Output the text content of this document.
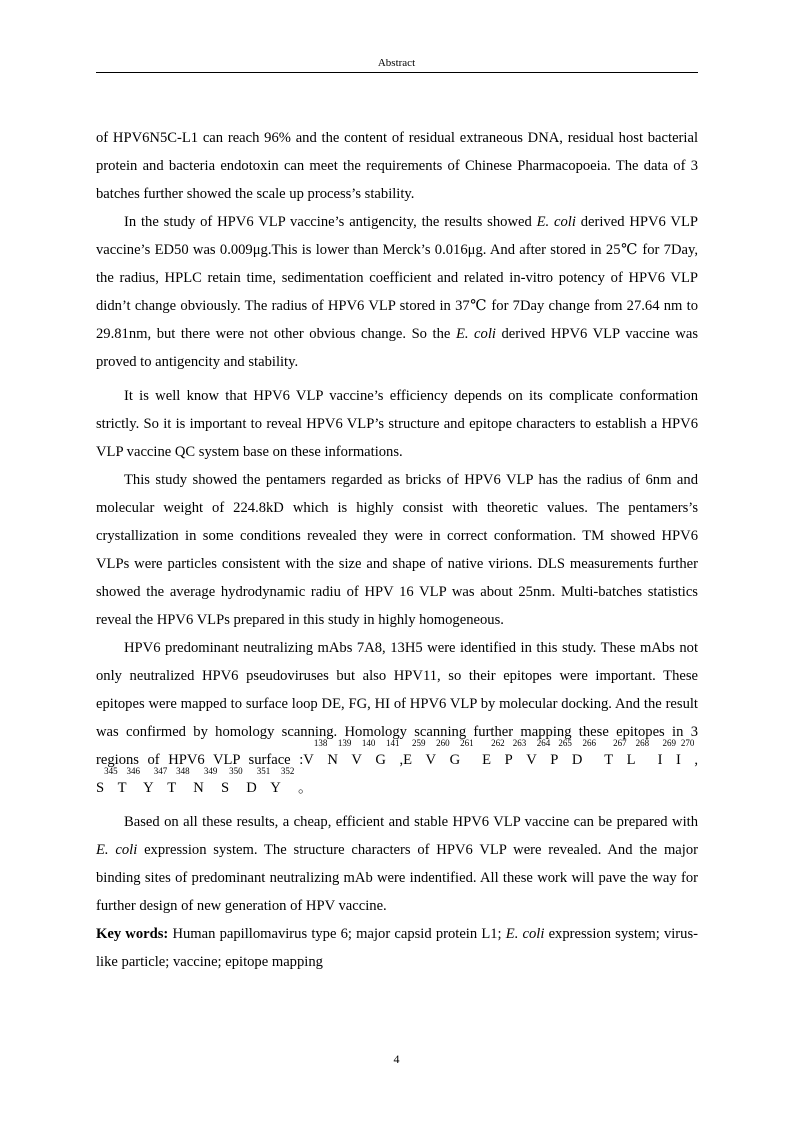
Abstract

of HPV6N5C-L1 can reach 96% and the content of residual extraneous DNA, residual host bacterial protein and bacteria endotoxin can meet the requirements of Chinese Pharmacopoeia. The data of 3 batches further showed the scale up process’s stability.

In the study of HPV6 VLP vaccine’s antigencity, the results showed E. coli derived HPV6 VLP vaccine’s ED50 was 0.009μg.This is lower than Merck’s 0.016μg. And after stored in 25℃ for 7Day, the radius, HPLC retain time, sedimentation coefficient and related in-vitro potency of HPV6 VLP didn’t change obviously. The radius of HPV6 VLP stored in 37℃ for 7Day change from 27.64 nm to 29.81nm, but there were not other obvious change. So the E. coli derived HPV6 VLP vaccine was proved to antigencity and stability.

It is well know that HPV6 VLP vaccine’s efficiency depends on its complicate conformation strictly. So it is important to reveal HPV6 VLP’s structure and epitope characters to establish a HPV6 VLP vaccine QC system base on these informations.

This study showed the pentamers regarded as bricks of HPV6 VLP has the radius of 6nm and molecular weight of 224.8kD which is highly consist with theoretic values. The pentamers’s crystallization in some conditions revealed they were in correct conformation. TM showed HPV6 VLPs were particles consistent with the size and shape of native virions. DLS measurements further showed the average hydrodynamic radiu of HPV 16 VLP was about 25nm. Multi-batches statistics reveal the HPV6 VLPs prepared in this study in highly homogeneous.

HPV6 predominant neutralizing mAbs 7A8, 13H5 were identified in this study. These mAbs not only neutralized HPV6 pseudoviruses but also HPV11, so their epitopes were important. These epitopes were mapped to surface loop DE, FG, HI of HPV6 VLP by molecular docking. And the result was confirmed by homology scanning. Homology scanning further mapping these epitopes in 3 regions of HPV6 VLP surface $:V^{138}N^{139}V^{140}G^{141},E^{259}V^{260}G^{261}$ $E^{262}P^{263}V^{264}P^{265}D^{266}$ $T^{267}L^{268}$ $I^{269}I^{270}$, $S^{345}T^{346}$ $Y^{347}T^{348}$ $N^{349}$ $S^{350}$ $D^{351}Y^{352}$ 。

Based on all these results, a cheap, efficient and stable HPV6 VLP vaccine can be prepared with E. coli expression system. The structure characters of HPV6 VLP were revealed. And the major binding sites of predominant neutralizing mAb were indentified. All these work will pave the way for further design of new generation of HPV vaccine.

Key words: Human papillomavirus type 6; major capsid protein L1; E. coli expression system; virus-like particle; vaccine; epitope mapping

4
